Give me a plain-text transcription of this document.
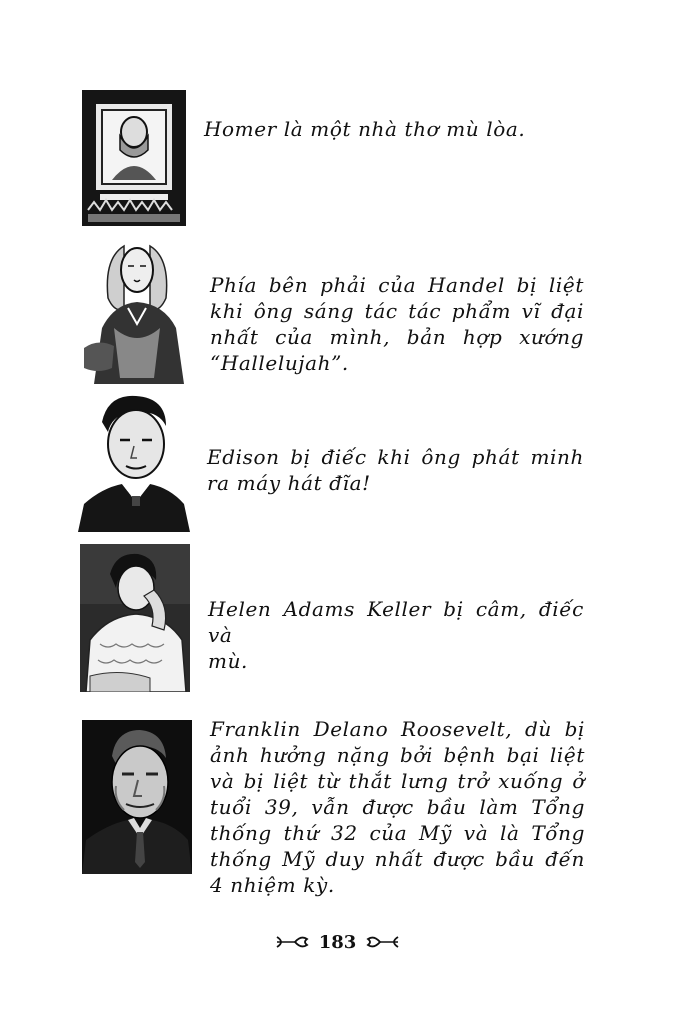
Homer là một nhà thơ mù lòa.

Phía bên phải của Handel bị liệt
khi ông sáng tác tác phẩm vĩ đại
nhất của mình, bản hợp xướng
“Hallelujah”.

Edison bị điếc khi ông phát minh
ra máy hát đĩa!

Helen Adams Keller bị câm, điếc và
mù.

Franklin Delano Roosevelt, dù bị
ảnh hưởng nặng bởi bệnh bại liệt
và bị liệt từ thắt lưng trở xuống ở
tuổi 39, vẫn được bầu làm Tổng
thống thứ 32 của Mỹ và là Tổng
thống Mỹ duy nhất được bầu đến
4 nhiệm kỳ.

183
